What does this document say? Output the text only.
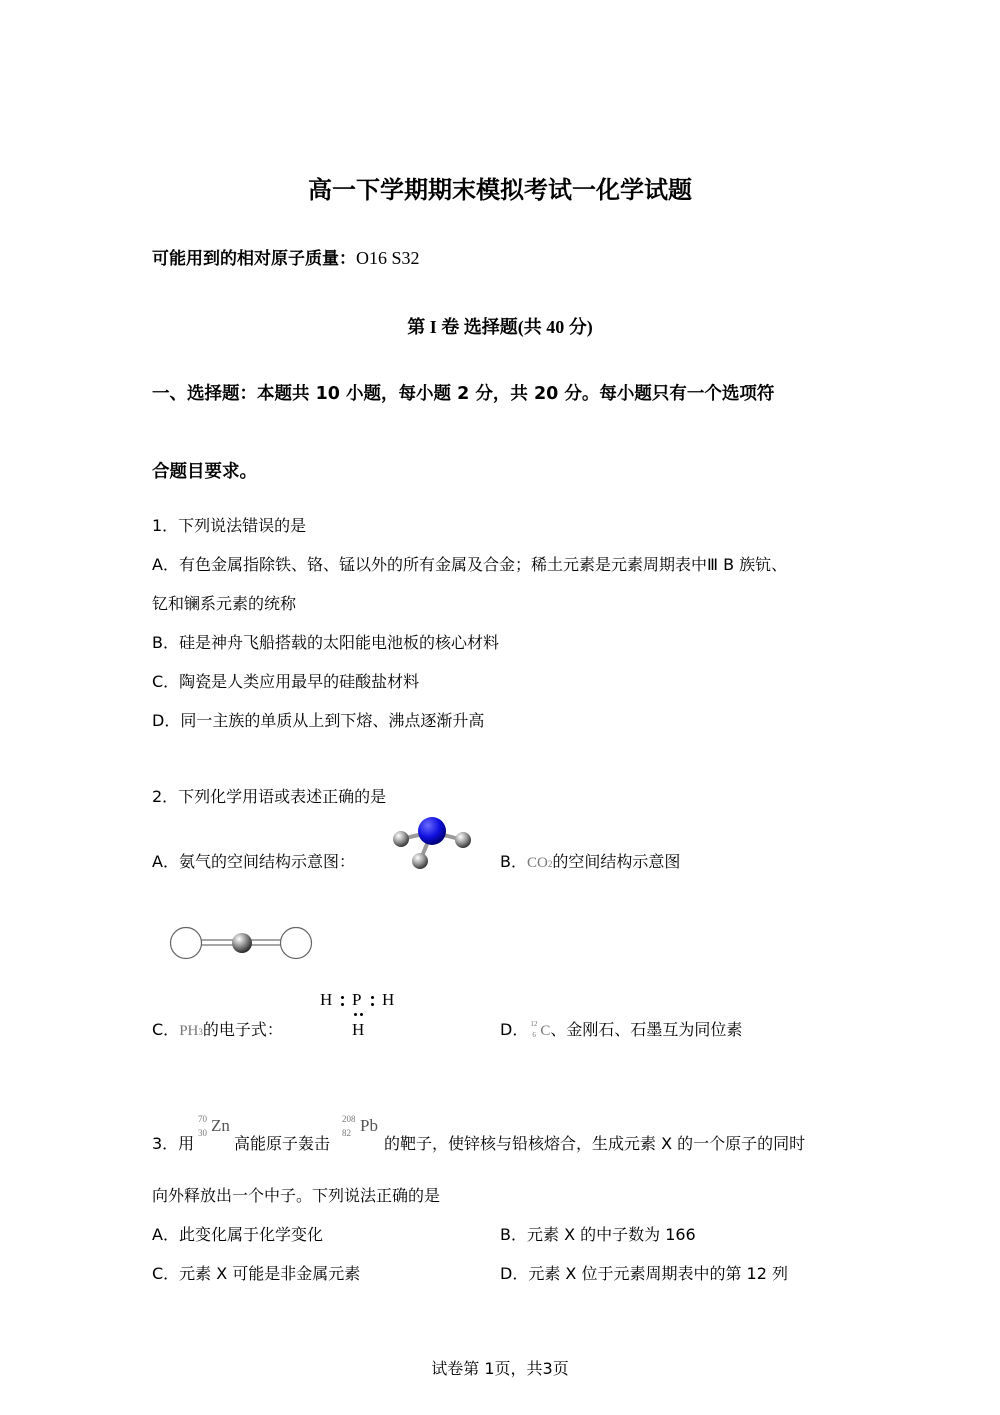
高一下学期期末模拟考试一化学试题
可能用到的相对原子质量：O16 S32
第 I 卷 选择题(共 40 分)
一、选择题：本题共 10 小题，每小题 2 分，共 20 分。每小题只有一个选项符
合题目要求。
1．下列说法错误的是
A．有色金属指除铁、铬、锰以外的所有金属及合金；稀土元素是元素周期表中Ⅲ B 族钪、
钇和镧系元素的统称
B．硅是神舟飞船搭载的太阳能电池板的核心材料
C．陶瓷是人类应用最早的硅酸盐材料
D．同一主族的单质从上到下熔、沸点逐渐升高
2．下列化学用语或表述正确的是
A．氨气的空间结构示意图：	B．CO2的空间结构示意图
C．PH3的电子式：
H P H
H	D． 12
6 C、金刚石、石墨互为同位素
3．用
70
30 Zn
高能原子轰击
208
82 Pb
的靶子，使锌核与铅核熔合，生成元素 X 的一个原子的同时
向外释放出一个中子。下列说法正确的是
A．此变化属于化学变化	B．元素 X 的中子数为 166
C．元素 X 可能是非金属元素	D．元素 X 位于元素周期表中的第 12 列
试卷第 1页，共3页
